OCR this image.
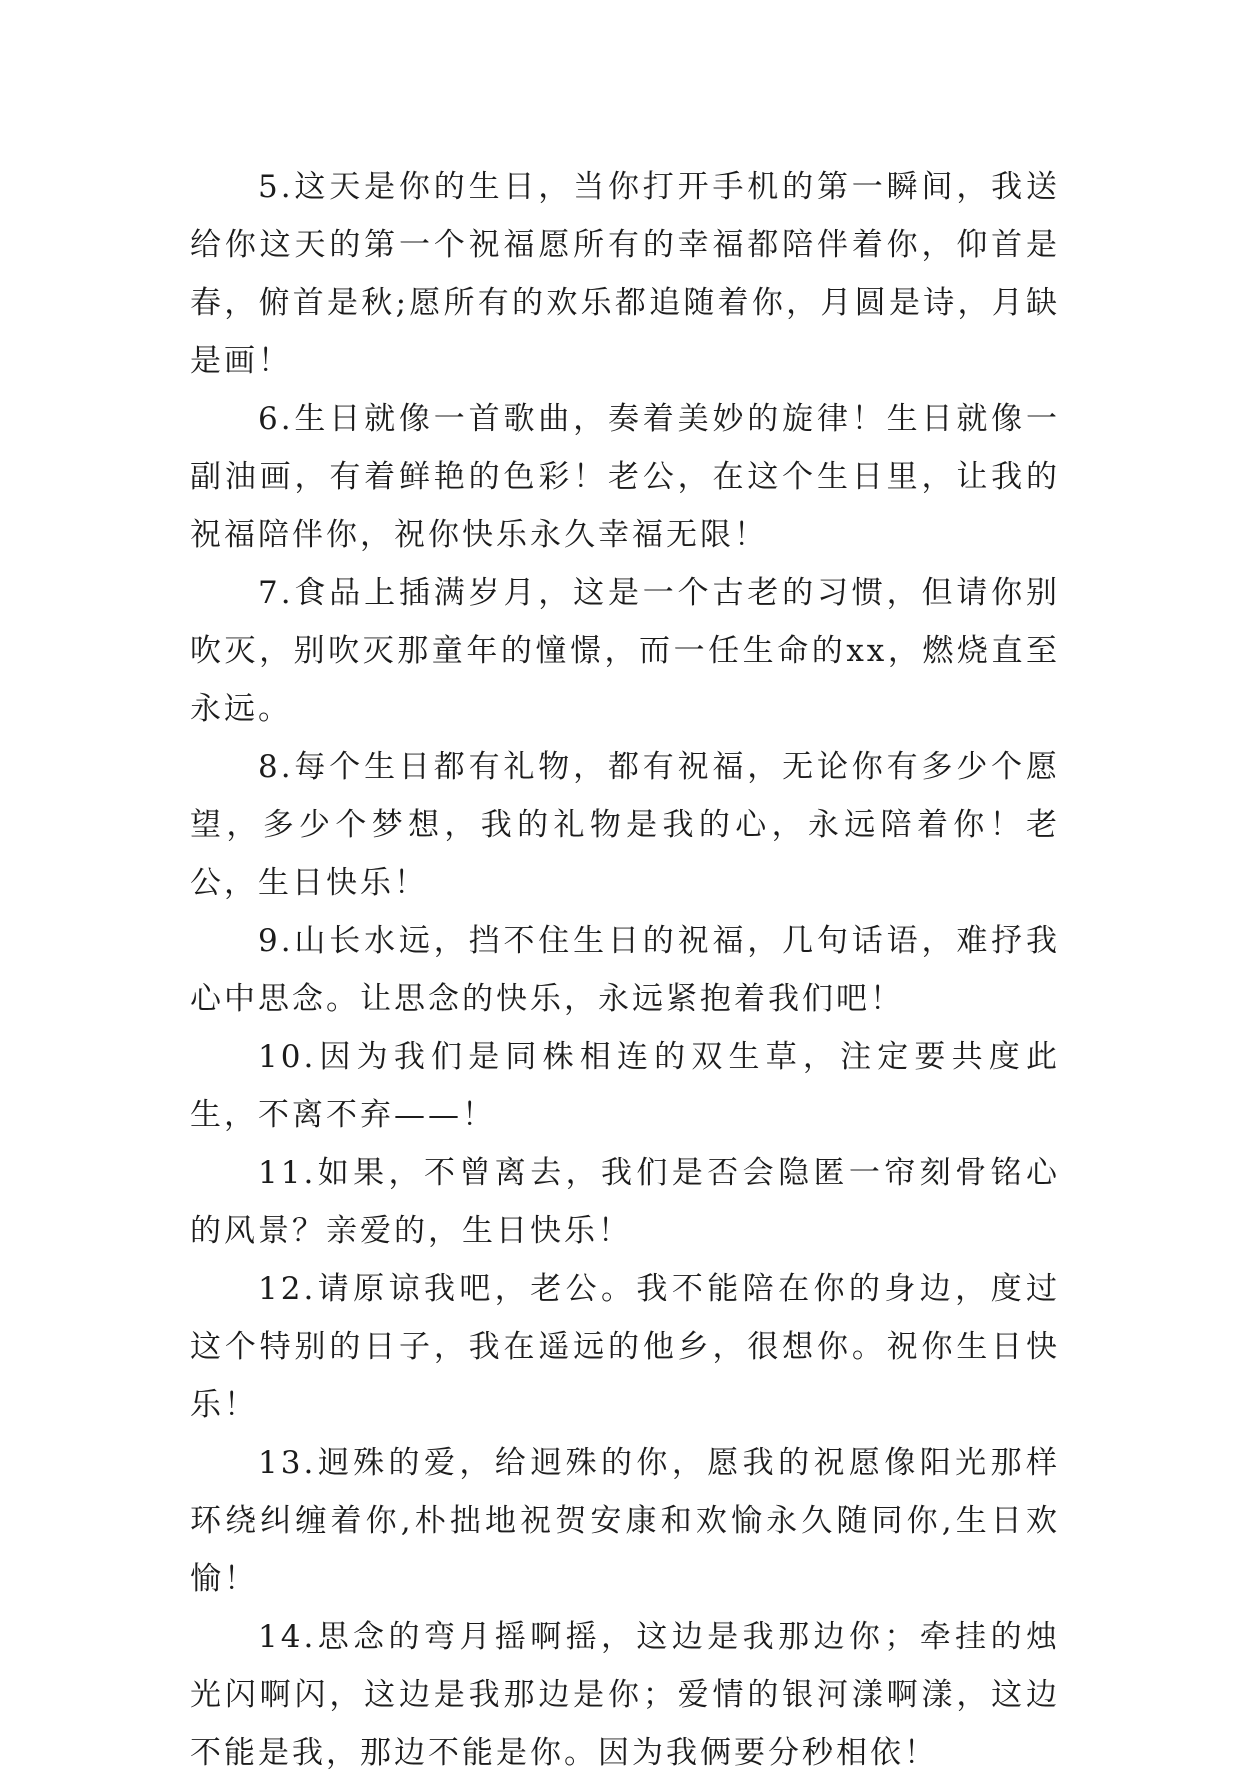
5.这天是你的生日，当你打开手机的第一瞬间，我送给你这天的第一个祝福愿所有的幸福都陪伴着你，仰首是春，俯首是秋;愿所有的欢乐都追随着你，月圆是诗，月缺是画！

6.生日就像一首歌曲，奏着美妙的旋律！生日就像一副油画，有着鲜艳的色彩！老公，在这个生日里，让我的祝福陪伴你，祝你快乐永久幸福无限！

7.食品上插满岁月，这是一个古老的习惯，但请你别吹灭，别吹灭那童年的憧憬，而一任生命的xx，燃烧直至永远。

8.每个生日都有礼物，都有祝福，无论你有多少个愿望，多少个梦想，我的礼物是我的心，永远陪着你！老公，生日快乐！

9.山长水远，挡不住生日的祝福，几句话语，难抒我心中思念。让思念的快乐，永远紧抱着我们吧！

10.因为我们是同株相连的双生草，注定要共度此生，不离不弃——！

11.如果，不曾离去，我们是否会隐匿一帘刻骨铭心的风景？亲爱的，生日快乐！

12.请原谅我吧，老公。我不能陪在你的身边，度过这个特别的日子，我在遥远的他乡，很想你。祝你生日快乐！

13.迥殊的爱，给迥殊的你，愿我的祝愿像阳光那样环绕纠缠着你,朴拙地祝贺安康和欢愉永久随同你,生日欢愉！

14.思念的弯月摇啊摇，这边是我那边你；牵挂的烛光闪啊闪，这边是我那边是你；爱情的银河漾啊漾，这边不能是我，那边不能是你。因为我俩要分秒相依！
